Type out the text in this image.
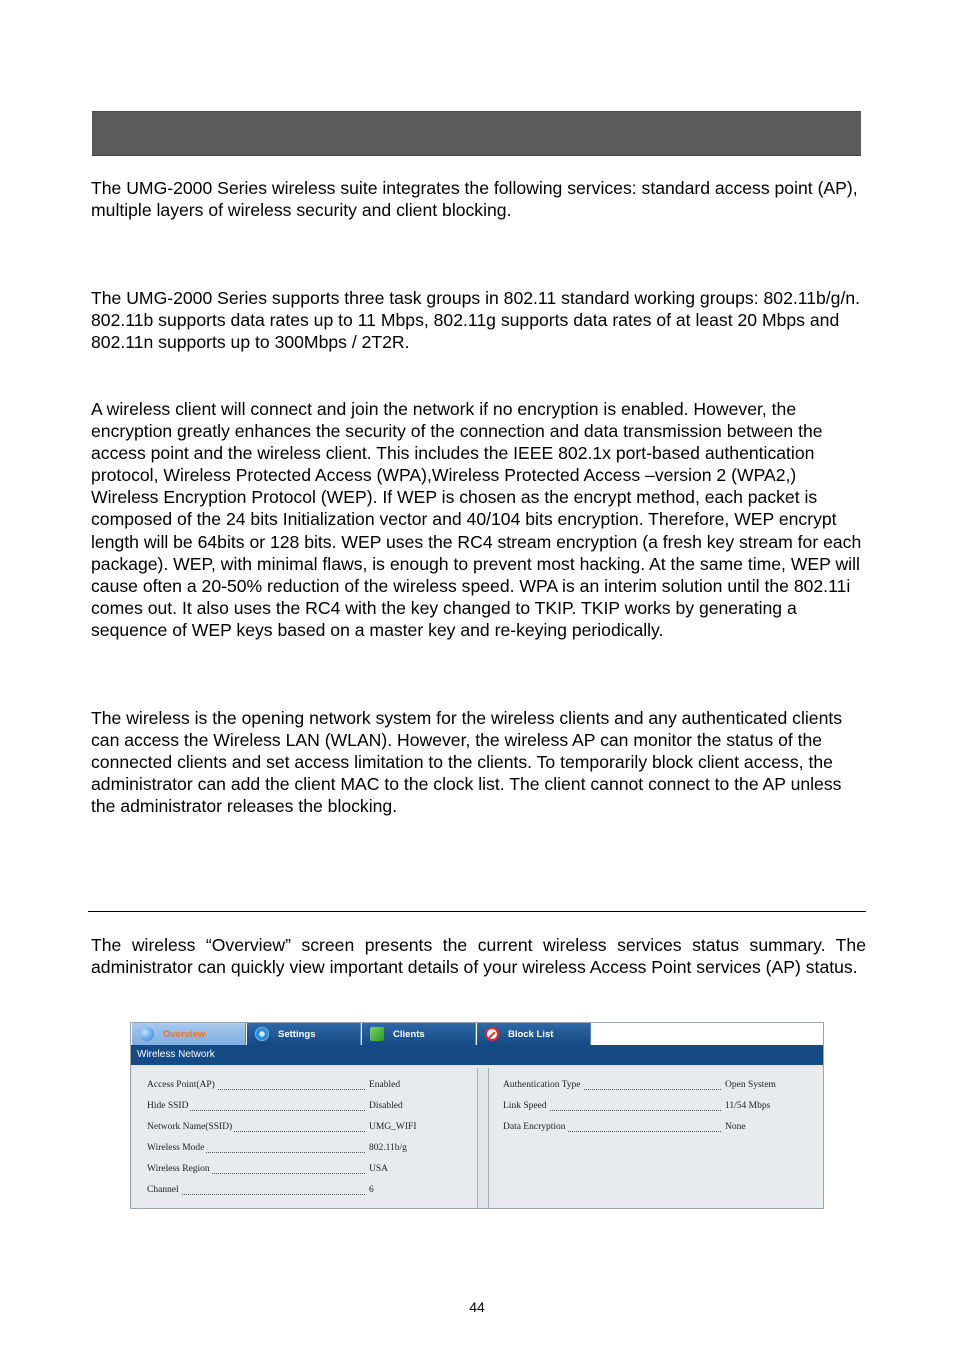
The UMG-2000 Series wireless suite integrates the following services: standard access point (AP), multiple layers of wireless security and client blocking.

The UMG-2000 Series supports three task groups in 802.11 standard working groups: 802.11b/g/n. 802.11b supports data rates up to 11 Mbps, 802.11g supports data rates of at least 20 Mbps and 802.11n supports up to 300Mbps / 2T2R.

A wireless client will connect and join the network if no encryption is enabled. However, the encryption greatly enhances the security of the connection and data transmission between the access point and the wireless client. This includes the IEEE 802.1x port-based authentication protocol, Wireless Protected Access (WPA),Wireless Protected Access –version 2 (WPA2,) Wireless Encryption Protocol (WEP). If WEP is chosen as the encrypt method, each packet is composed of the 24 bits Initialization vector and 40/104 bits encryption. Therefore, WEP encrypt length will be 64bits or 128 bits. WEP uses the RC4 stream encryption (a fresh key stream for each package). WEP, with minimal flaws, is enough to prevent most hacking. At the same time, WEP will cause often a 20-50% reduction of the wireless speed. WPA is an interim solution until the 802.11i comes out. It also uses the RC4 with the key changed to TKIP. TKIP works by generating a sequence of WEP keys based on a master key and re-keying periodically.

The wireless is the opening network system for the wireless clients and any authenticated clients can access the Wireless LAN (WLAN). However, the wireless AP can monitor the status of the connected clients and set access limitation to the clients. To temporarily block client access, the administrator can add the client MAC to the clock list. The client cannot connect to the AP unless the administrator releases the blocking.

The wireless “Overview” screen presents the current wireless services status summary. The administrator can quickly view important details of your wireless Access Point services (AP) status.

Overview	Settings	Clients	Block List
Wireless Network
Access Point(AP)	Enabled
Hide SSID	Disabled
Network Name(SSID)	UMG_WIFI
Wireless Mode	802.11b/g
Wireless Region	USA
Channel	6
Authentication Type	Open System
Link Speed	11/54 Mbps
Data Encryption	None
44
